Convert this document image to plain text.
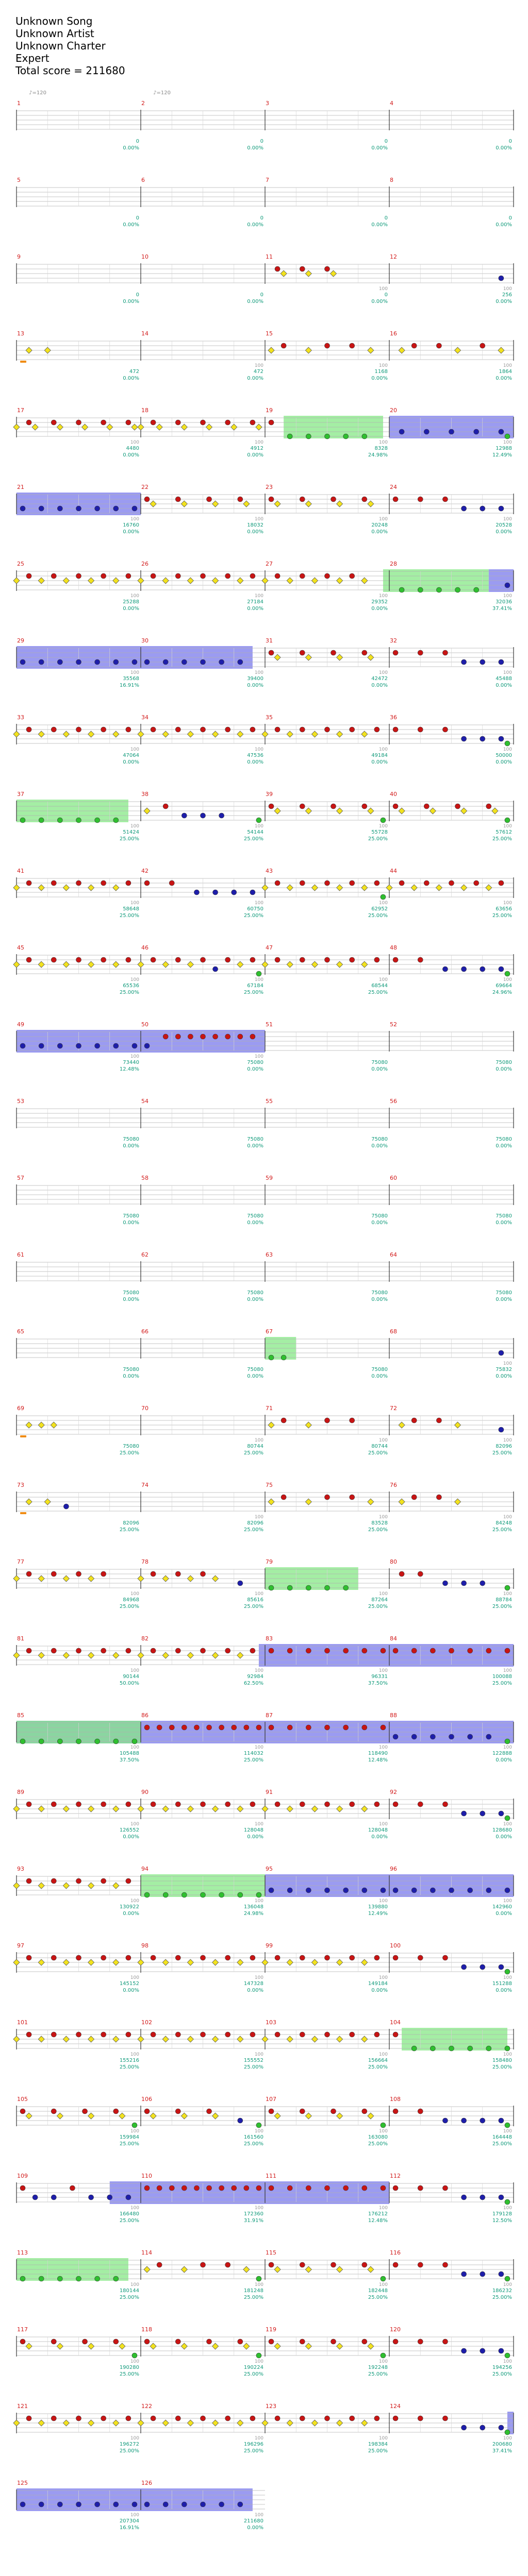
Unknown Song
Unknown Artist
Unknown Charter
Expert
Total score = 211680
1
♪=120
0
0.00%
2
♪=120
0
0.00%
3
0
0.00%
4
0
0.00%
5
0
0.00%
6
0
0.00%
7
0
0.00%
8
0
0.00%
9
0
0.00%
10
0
0.00%
11
100
0
0.00%
12
100
256
0.00%
13
472
0.00%
14
100
472
0.00%
15
100
1168
0.00%
16
100
1864
0.00%
17
100
4480
0.00%
18
100
4912
0.00%
19
100
8328
24.98%
20
100
12988
12.49%
21
100
16760
0.00%
22
100
18032
0.00%
23
100
20248
0.00%
24
100
20528
0.00%
25
100
25288
0.00%
26
100
27184
0.00%
27
100
29352
0.00%
28
100
32036
37.41%
29
100
35568
16.91%
30
100
39400
0.00%
31
100
42472
0.00%
32
100
45488
0.00%
33
100
47064
0.00%
34
100
47536
0.00%
35
100
49184
0.00%
36
100
50000
0.00%
37
100
51424
25.00%
38
100
54144
25.00%
39
100
55728
25.00%
40
100
57612
25.00%
41
100
58648
25.00%
42
100
60750
25.00%
43
100
62952
25.00%
44
100
63656
25.00%
45
100
65536
25.00%
46
100
67184
25.00%
47
100
68544
25.00%
48
100
69664
24.96%
49
100
73440
12.48%
50
100
75080
0.00%
51
75080
0.00%
52
75080
0.00%
53
75080
0.00%
54
75080
0.00%
55
75080
0.00%
56
75080
0.00%
57
75080
0.00%
58
75080
0.00%
59
75080
0.00%
60
75080
0.00%
61
75080
0.00%
62
75080
0.00%
63
75080
0.00%
64
75080
0.00%
65
75080
0.00%
66
75080
0.00%
67
75080
0.00%
68
100
75832
0.00%
69
75080
25.00%
70
100
80744
25.00%
71
100
80744
25.00%
72
100
82096
25.00%
73
82096
25.00%
74
100
82096
25.00%
75
100
83528
25.00%
76
100
84248
25.00%
77
100
84968
25.00%
78
100
85616
25.00%
79
100
87264
25.00%
80
100
88784
25.00%
81
100
90144
50.00%
82
100
92984
62.50%
83
100
96331
37.50%
84
100
100088
25.00%
85
100
105488
37.50%
86
100
114032
25.00%
87
100
118490
12.48%
88
100
122888
0.00%
89
100
126552
0.00%
90
100
128048
0.00%
91
100
128048
0.00%
92
100
128680
0.00%
93
100
130922
0.00%
94
100
136048
24.98%
95
100
139880
12.49%
96
100
142960
0.00%
97
100
145152
0.00%
98
100
147328
0.00%
99
100
149184
0.00%
100
100
151288
0.00%
101
100
155216
25.00%
102
100
155552
25.00%
103
100
156664
25.00%
104
100
158480
25.00%
105
100
159984
25.00%
106
100
161560
25.00%
107
100
163080
25.00%
108
100
164448
25.00%
109
100
166480
25.00%
110
100
172360
31.91%
111
100
176212
12.48%
112
100
179128
12.50%
113
100
180144
25.00%
114
100
181248
25.00%
115
100
182448
25.00%
116
100
186232
25.00%
117
100
190280
25.00%
118
100
190224
25.00%
119
100
192248
25.00%
120
100
194256
25.00%
121
100
196272
25.00%
122
100
196296
25.00%
123
100
198384
25.00%
124
100
200680
37.41%
125
100
207304
16.91%
126
100
211680
0.00%
